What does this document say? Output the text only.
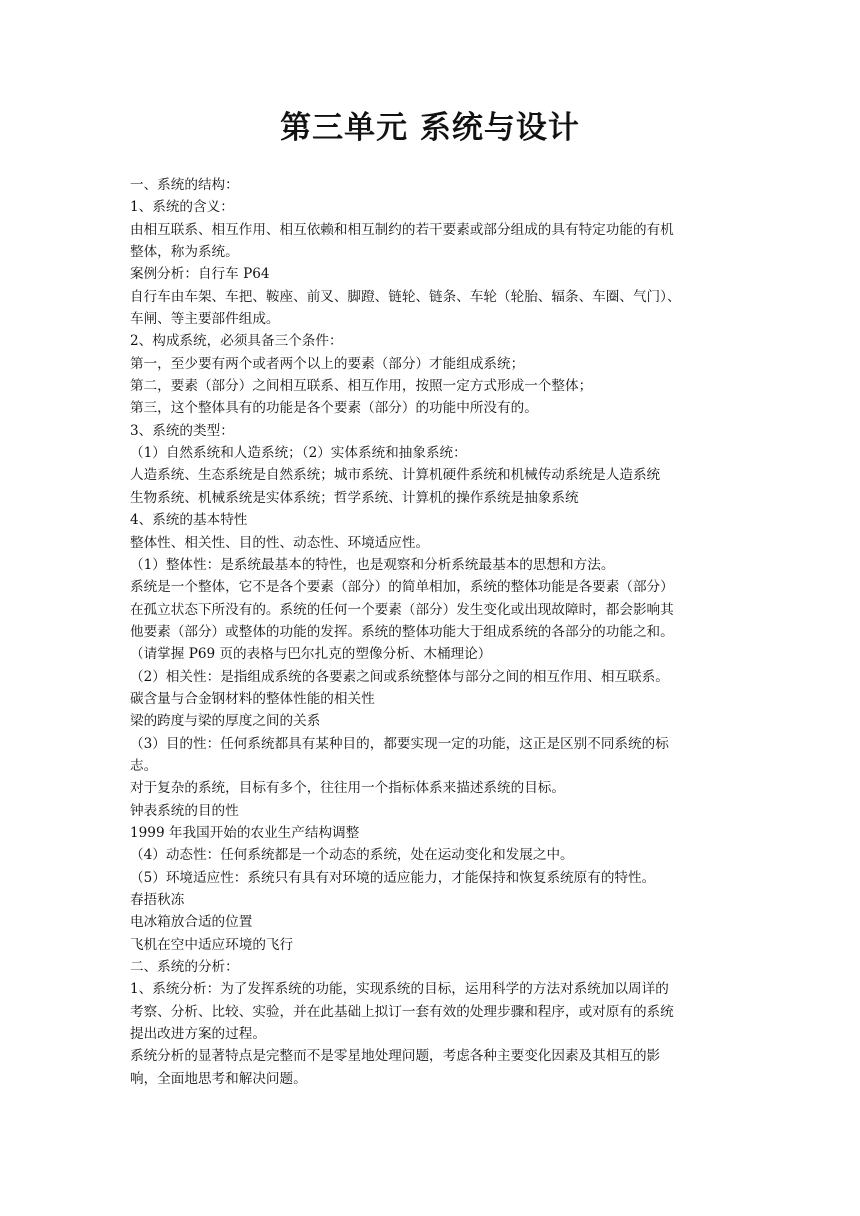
第三单元 系统与设计
一、系统的结构：
1、系统的含义：
由相互联系、相互作用、相互依赖和相互制约的若干要素或部分组成的具有特定功能的有机
整体，称为系统。
案例分析：自行车 P64
自行车由车架、车把、鞍座、前叉、脚蹬、链轮、链条、车轮（轮胎、辐条、车圈、气门）、
车闸、等主要部件组成。
2、构成系统，必须具备三个条件：
第一，至少要有两个或者两个以上的要素（部分）才能组成系统；
第二，要素（部分）之间相互联系、相互作用，按照一定方式形成一个整体；
第三，这个整体具有的功能是各个要素（部分）的功能中所没有的。
3、系统的类型：
（1）自然系统和人造系统；（2）实体系统和抽象系统：
人造系统、生态系统是自然系统；城市系统、计算机硬件系统和机械传动系统是人造系统
生物系统、机械系统是实体系统；哲学系统、计算机的操作系统是抽象系统
4、系统的基本特性
整体性、相关性、目的性、动态性、环境适应性。
（1）整体性：是系统最基本的特性，也是观察和分析系统最基本的思想和方法。
系统是一个整体，它不是各个要素（部分）的简单相加，系统的整体功能是各要素（部分）
在孤立状态下所没有的。系统的任何一个要素（部分）发生变化或出现故障时，都会影响其
他要素（部分）或整体的功能的发挥。系统的整体功能大于组成系统的各部分的功能之和。
（请掌握 P69 页的表格与巴尔扎克的塑像分析、木桶理论）
（2）相关性：是指组成系统的各要素之间或系统整体与部分之间的相互作用、相互联系。
碳含量与合金钢材料的整体性能的相关性
梁的跨度与梁的厚度之间的关系
（3）目的性：任何系统都具有某种目的，都要实现一定的功能，这正是区别不同系统的标
志。
对于复杂的系统，目标有多个，往往用一个指标体系来描述系统的目标。
钟表系统的目的性
1999 年我国开始的农业生产结构调整
（4）动态性：任何系统都是一个动态的系统，处在运动变化和发展之中。
（5）环境适应性：系统只有具有对环境的适应能力，才能保持和恢复系统原有的特性。
春捂秋冻
电冰箱放合适的位置
飞机在空中适应环境的飞行
二、系统的分析：
1、系统分析：为了发挥系统的功能，实现系统的目标，运用科学的方法对系统加以周详的
考察、分析、比较、实验，并在此基础上拟订一套有效的处理步骤和程序，或对原有的系统
提出改进方案的过程。
系统分析的显著特点是完整而不是零星地处理问题，考虑各种主要变化因素及其相互的影
响，全面地思考和解决问题。
